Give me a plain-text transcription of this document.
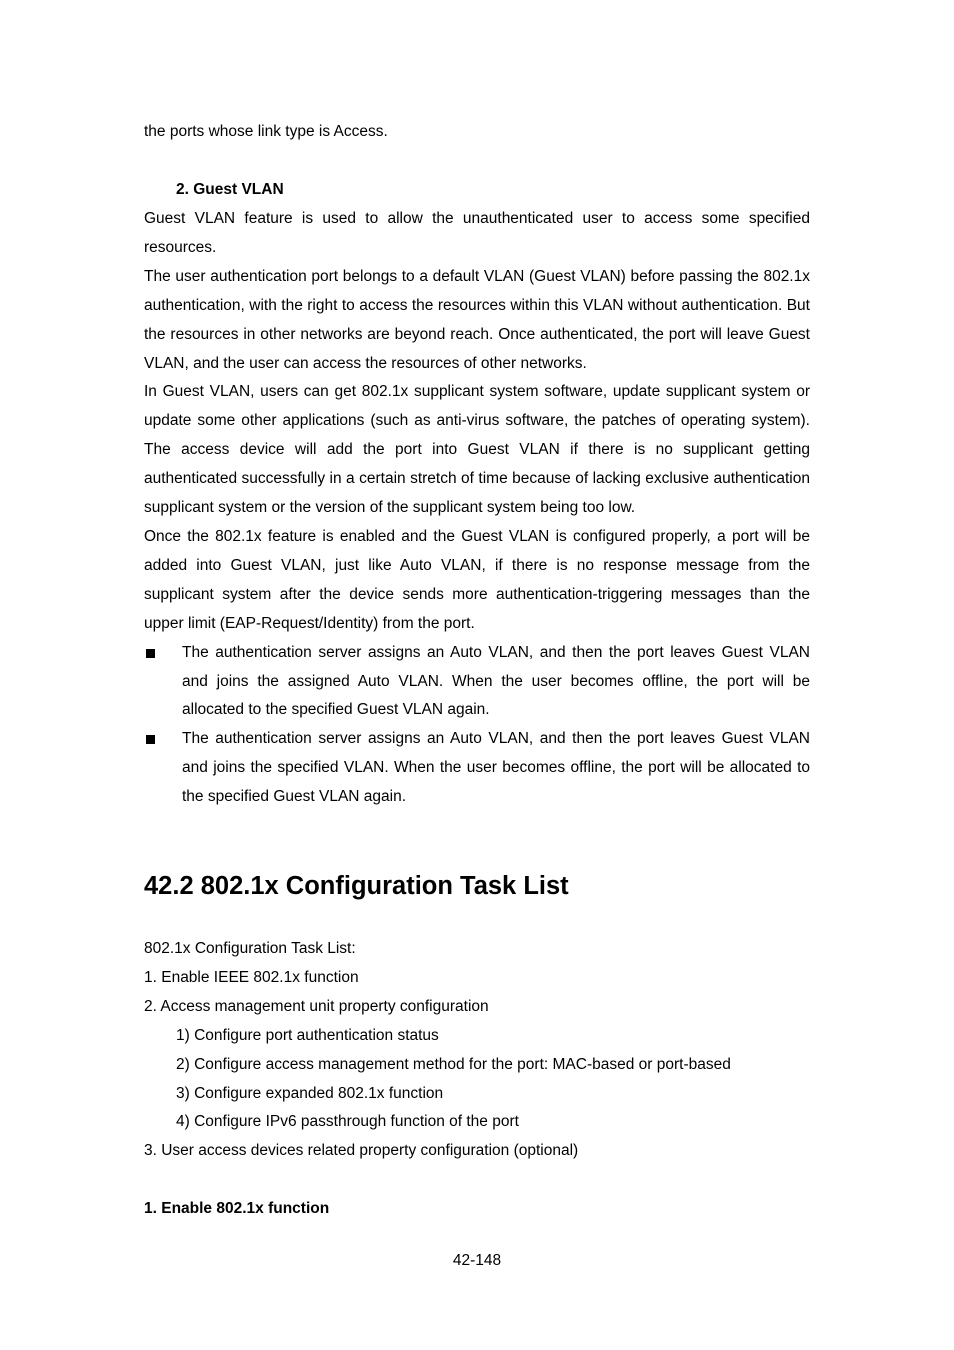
the ports whose link type is Access.

2. Guest VLAN

Guest VLAN feature is used to allow the unauthenticated user to access some specified resources.

The user authentication port belongs to a default VLAN (Guest VLAN) before passing the 802.1x authentication, with the right to access the resources within this VLAN without authentication. But the resources in other networks are beyond reach. Once authenticated, the port will leave Guest VLAN, and the user can access the resources of other networks.

In Guest VLAN, users can get 802.1x supplicant system software, update supplicant system or update some other applications (such as anti-virus software, the patches of operating system). The access device will add the port into Guest VLAN if there is no supplicant getting authenticated successfully in a certain stretch of time because of lacking exclusive authentication supplicant system or the version of the supplicant system being too low.

Once the 802.1x feature is enabled and the Guest VLAN is configured properly, a port will be added into Guest VLAN, just like Auto VLAN, if there is no response message from the supplicant system after the device sends more authentication-triggering messages than the upper limit (EAP-Request/Identity) from the port.

The authentication server assigns an Auto VLAN, and then the port leaves Guest VLAN and joins the assigned Auto VLAN. When the user becomes offline, the port will be allocated to the specified Guest VLAN again.

The authentication server assigns an Auto VLAN, and then the port leaves Guest VLAN and joins the specified VLAN. When the user becomes offline, the port will be allocated to the specified Guest VLAN again.

42.2 802.1x Configuration Task List

802.1x Configuration Task List:

1. Enable IEEE 802.1x function

2. Access management unit property configuration

1) Configure port authentication status

2) Configure access management method for the port: MAC-based or port-based

3) Configure expanded 802.1x function

4) Configure IPv6 passthrough function of the port

3. User access devices related property configuration (optional)

1. Enable 802.1x function
42-148
